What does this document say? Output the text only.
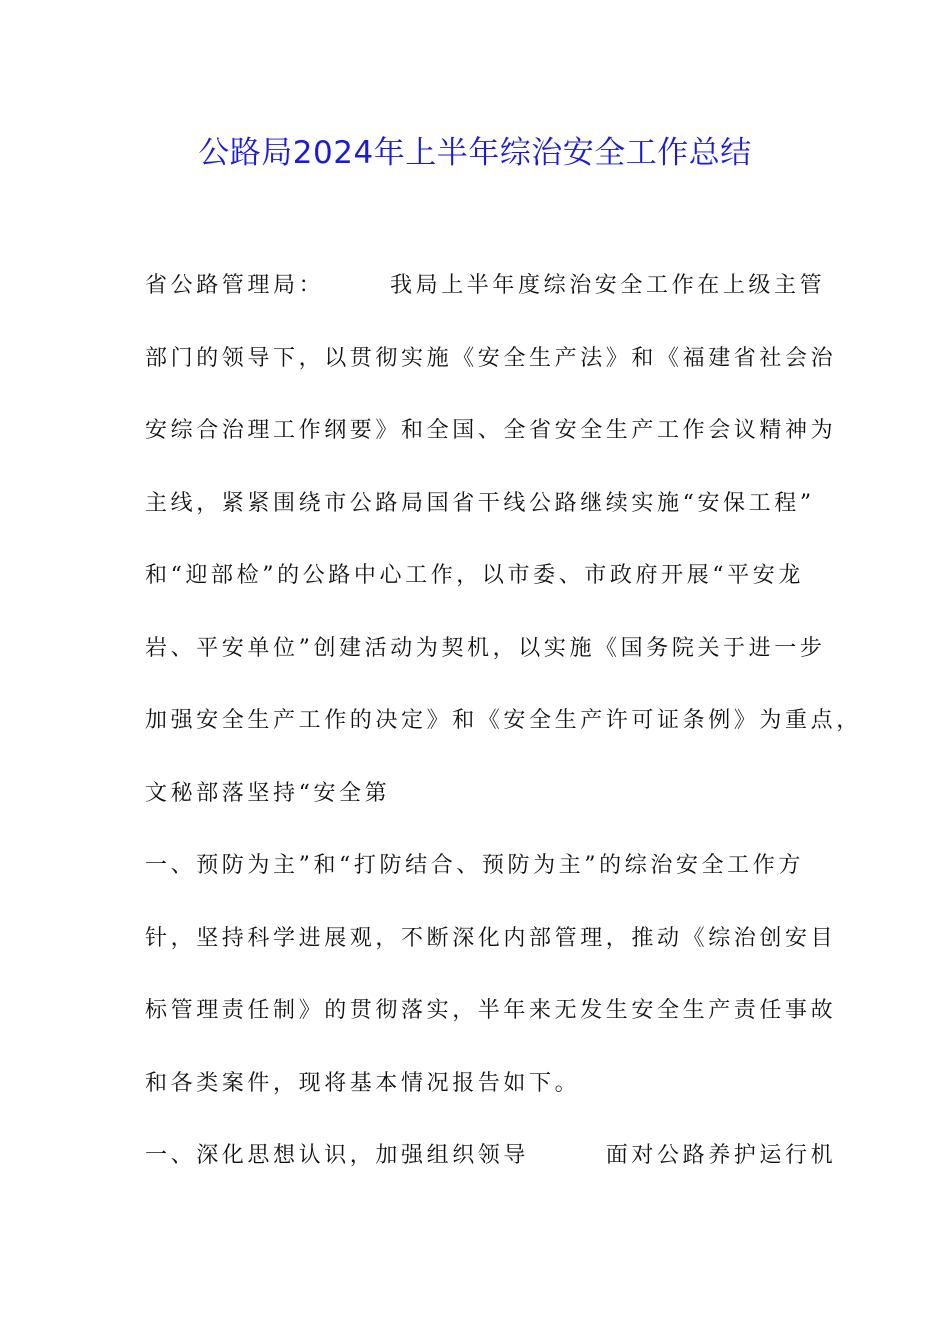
公路局2024年上半年综治安全工作总结
省公路管理局：　　　我局上半年度综治安全工作在上级主管
部门的领导下，以贯彻实施《安全生产法》和《福建省社会治
安综合治理工作纲要》和全国、全省安全生产工作会议精神为
主线，紧紧围绕市公路局国省干线公路继续实施“安保工程”
和“迎部检”的公路中心工作，以市委、市政府开展“平安龙
岩、平安单位”创建活动为契机，以实施《国务院关于进一步
加强安全生产工作的决定》和《安全生产许可证条例》为重点，
文秘部落坚持“安全第
一、预防为主”和“打防结合、预防为主”的综治安全工作方
针，坚持科学进展观，不断深化内部管理，推动《综治创安目
标管理责任制》的贯彻落实，半年来无发生安全生产责任事故
和各类案件，现将基本情况报告如下。
一、深化思想认识，加强组织领导　　　面对公路养护运行机
